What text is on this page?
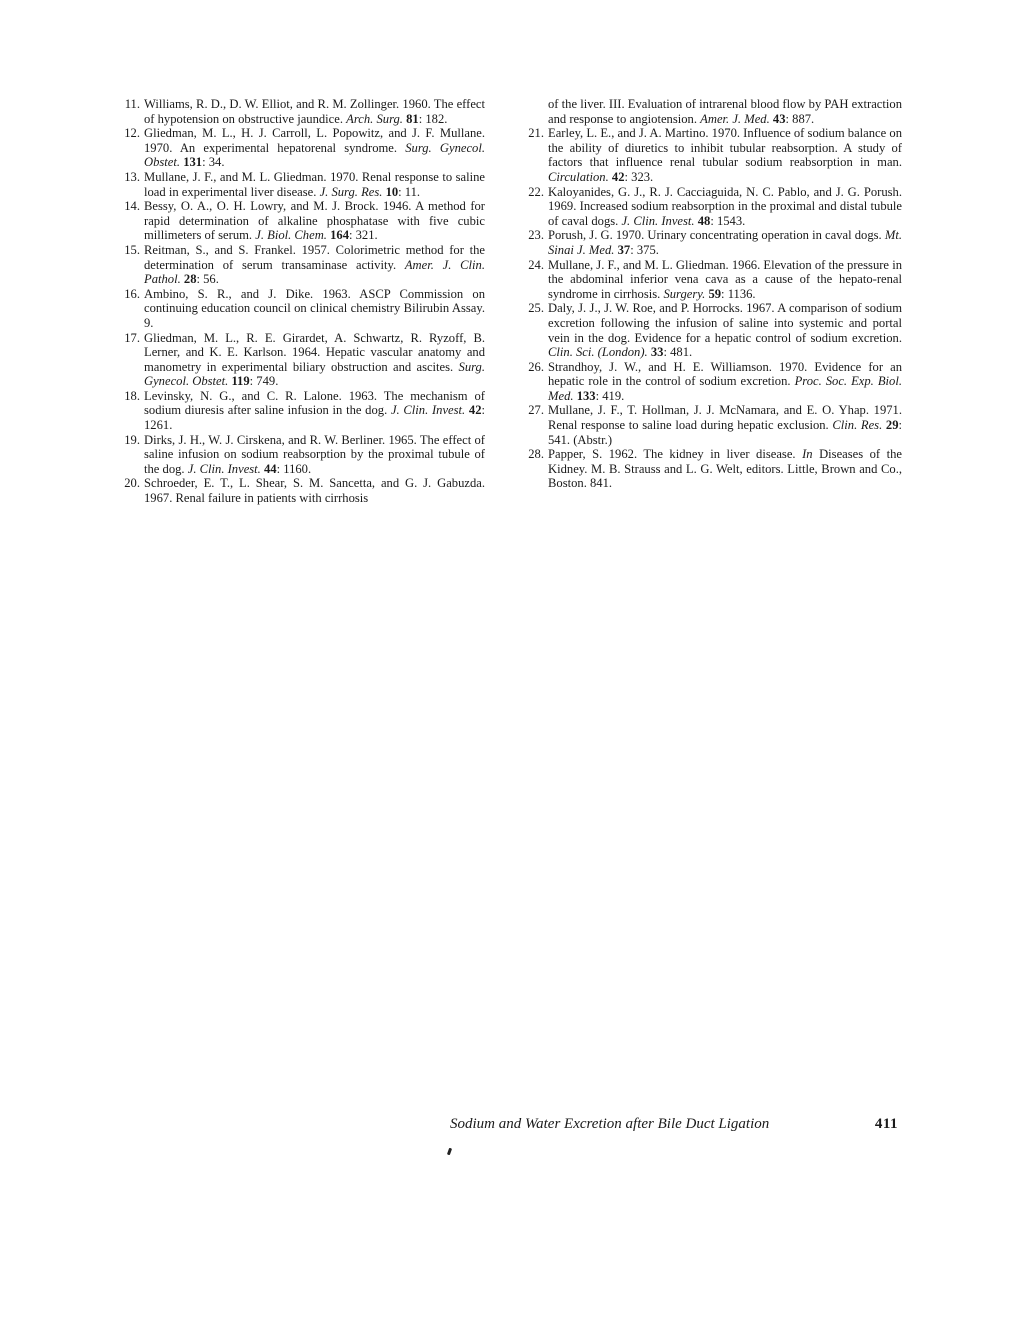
11. Williams, R. D., D. W. Elliot, and R. M. Zollinger. 1960. The effect of hypotension on obstructive jaundice. Arch. Surg. 81: 182.
12. Gliedman, M. L., H. J. Carroll, L. Popowitz, and J. F. Mullane. 1970. An experimental hepatorenal syndrome. Surg. Gynecol. Obstet. 131: 34.
13. Mullane, J. F., and M. L. Gliedman. 1970. Renal response to saline load in experimental liver disease. J. Surg. Res. 10: 11.
14. Bessy, O. A., O. H. Lowry, and M. J. Brock. 1946. A method for rapid determination of alkaline phosphatase with five cubic millimeters of serum. J. Biol. Chem. 164: 321.
15. Reitman, S., and S. Frankel. 1957. Colorimetric method for the determination of serum transaminase activity. Amer. J. Clin. Pathol. 28: 56.
16. Ambino, S. R., and J. Dike. 1963. ASCP Commission on continuing education council on clinical chemistry Bilirubin Assay. 9.
17. Gliedman, M. L., R. E. Girardet, A. Schwartz, R. Ryzoff, B. Lerner, and K. E. Karlson. 1964. Hepatic vascular anatomy and manometry in experimental biliary obstruction and ascites. Surg. Gynecol. Obstet. 119: 749.
18. Levinsky, N. G., and C. R. Lalone. 1963. The mechanism of sodium diuresis after saline infusion in the dog. J. Clin. Invest. 42: 1261.
19. Dirks, J. H., W. J. Cirskena, and R. W. Berliner. 1965. The effect of saline infusion on sodium reabsorption by the proximal tubule of the dog. J. Clin. Invest. 44: 1160.
20. Schroeder, E. T., L. Shear, S. M. Sancetta, and G. J. Gabuzda. 1967. Renal failure in patients with cirrhosis
of the liver. III. Evaluation of intrarenal blood flow by PAH extraction and response to angiotension. Amer. J. Med. 43: 887.
21. Earley, L. E., and J. A. Martino. 1970. Influence of sodium balance on the ability of diuretics to inhibit tubular reabsorption. A study of factors that influence renal tubular sodium reabsorption in man. Circulation. 42: 323.
22. Kaloyanides, G. J., R. J. Cacciaguida, N. C. Pablo, and J. G. Porush. 1969. Increased sodium reabsorption in the proximal and distal tubule of caval dogs. J. Clin. Invest. 48: 1543.
23. Porush, J. G. 1970. Urinary concentrating operation in caval dogs. Mt. Sinai J. Med. 37: 375.
24. Mullane, J. F., and M. L. Gliedman. 1966. Elevation of the pressure in the abdominal inferior vena cava as a cause of the hepato-renal syndrome in cirrhosis. Surgery. 59: 1136.
25. Daly, J. J., J. W. Roe, and P. Horrocks. 1967. A comparison of sodium excretion following the infusion of saline into systemic and portal vein in the dog. Evidence for a hepatic control of sodium excretion. Clin. Sci. (London). 33: 481.
26. Strandhoy, J. W., and H. E. Williamson. 1970. Evidence for an hepatic role in the control of sodium excretion. Proc. Soc. Exp. Biol. Med. 133: 419.
27. Mullane, J. F., T. Hollman, J. J. McNamara, and E. O. Yhap. 1971. Renal response to saline load during hepatic exclusion. Clin. Res. 29: 541. (Abstr.)
28. Papper, S. 1962. The kidney in liver disease. In Diseases of the Kidney. M. B. Strauss and L. G. Welt, editors. Little, Brown and Co., Boston. 841.
Sodium and Water Excretion after Bile Duct Ligation	411
